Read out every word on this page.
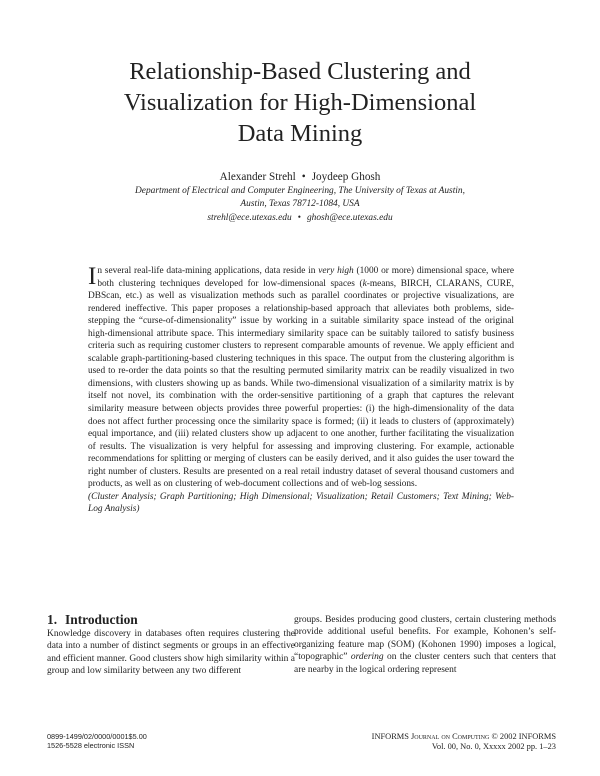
Relationship-Based Clustering and
Visualization for High-Dimensional
Data Mining
Alexander Strehl • Joydeep Ghosh
Department of Electrical and Computer Engineering, The University of Texas at Austin,
Austin, Texas 78712-1084, USA
strehl@ece.utexas.edu • ghosh@ece.utexas.edu
In several real-life data-mining applications, data reside in very high (1000 or more) dimensional space, where both clustering techniques developed for low-dimensional spaces (k-means, BIRCH, CLARANS, CURE, DBScan, etc.) as well as visualization methods such as parallel coordinates or projective visualizations, are rendered ineffective. This paper proposes a relationship-based approach that alleviates both problems, side-stepping the “curse-of-dimensionality” issue by working in a suitable similarity space instead of the original high-dimensional attribute space. This intermediary similarity space can be suitably tailored to satisfy business criteria such as requiring customer clusters to represent comparable amounts of revenue. We apply efficient and scalable graph-partitioning-based clustering techniques in this space. The output from the clustering algorithm is used to re-order the data points so that the resulting permuted similarity matrix can be readily visualized in two dimensions, with clusters showing up as bands. While two-dimensional visualization of a similarity matrix is by itself not novel, its combination with the order-sensitive partitioning of a graph that captures the relevant similarity measure between objects provides three powerful properties: (i) the high-dimensionality of the data does not affect further processing once the similarity space is formed; (ii) it leads to clusters of (approximately) equal importance, and (iii) related clusters show up adjacent to one another, further facilitating the visualization of results. The visualization is very helpful for assessing and improving clustering. For example, actionable recommendations for splitting or merging of clusters can be easily derived, and it also guides the user toward the right number of clusters. Results are presented on a real retail industry dataset of several thousand customers and products, as well as on clustering of web-document collections and of web-log sessions.
(Cluster Analysis; Graph Partitioning; High Dimensional; Visualization; Retail Customers; Text Mining; Web-Log Analysis)
1. Introduction
Knowledge discovery in databases often requires clustering the data into a number of distinct segments or groups in an effective and efficient manner. Good clusters show high similarity within a group and low similarity between any two different
groups. Besides producing good clusters, certain clustering methods provide additional useful benefits. For example, Kohonen’s self-organizing feature map (SOM) (Kohonen 1990) imposes a logical, “topographic” ordering on the cluster centers such that centers that are nearby in the logical ordering represent
0899-1499/02/0000/0001$5.00
1526-5528 electronic ISSN
INFORMS Journal on Computing © 2002 INFORMS
Vol. 00, No. 0, Xxxxx 2002 pp. 1–23
